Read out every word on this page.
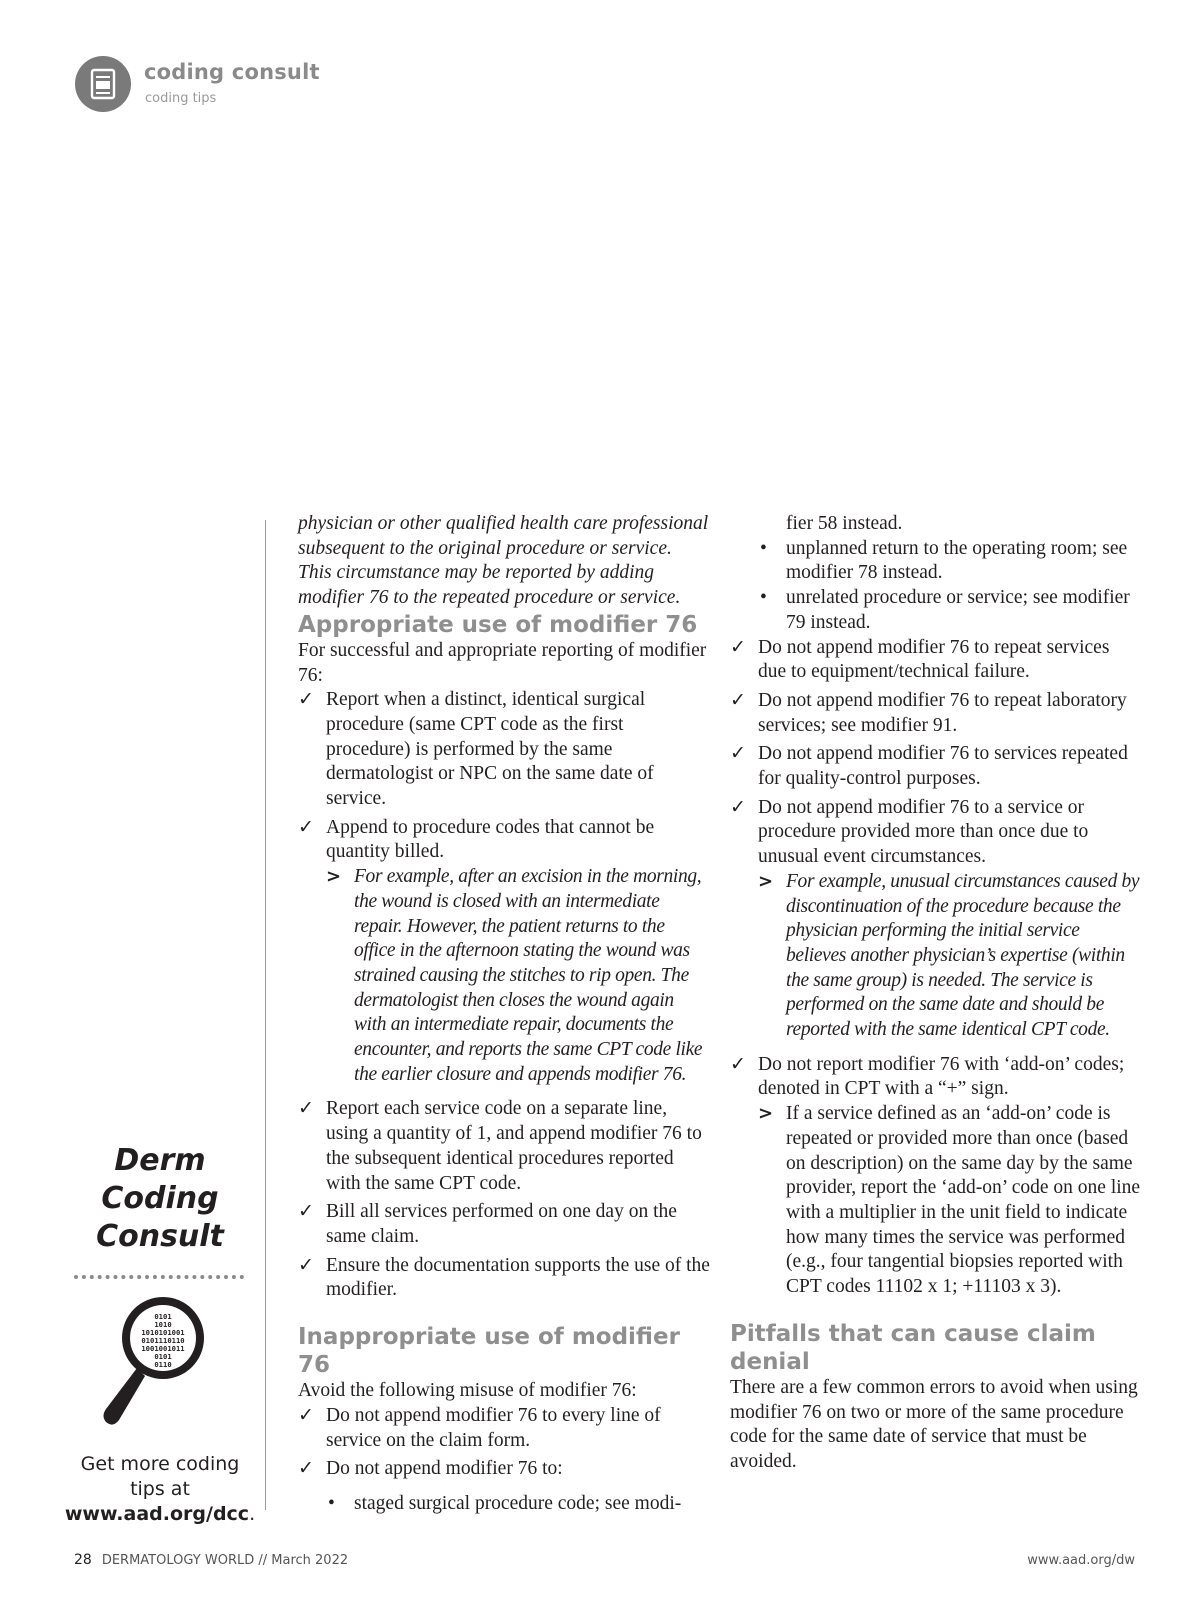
coding consult
coding tips
Derm
Coding
Consult
0101
1010
1010101001
0101110110
1001001011
0101
0110
Get more coding tips at www.aad.org/dcc.

physician or other qualified health care professional subsequent to the original procedure or service. This circumstance may be reported by adding modifier 76 to the repeated procedure or service.

Appropriate use of modifier 76

For successful and appropriate reporting of modifier 76:

✓ Report when a distinct, identical surgical procedure (same CPT code as the first procedure) is performed by the same dermatologist or NPC on the same date of service.

✓ Append to procedure codes that cannot be quantity billed.

> For example, after an excision in the morning, the wound is closed with an intermediate repair. However, the patient returns to the office in the afternoon stating the wound was strained causing the stitches to rip open. The dermatologist then closes the wound again with an intermediate repair, documents the encounter, and reports the same CPT code like the earlier closure and appends modifier 76.

✓ Report each service code on a separate line, using a quantity of 1, and append modifier 76 to the subsequent identical procedures reported with the same CPT code.

✓ Bill all services performed on one day on the same claim.

✓ Ensure the documentation supports the use of the modifier.

Inappropriate use of modifier 76

Avoid the following misuse of modifier 76:

✓ Do not append modifier 76 to every line of service on the claim form.

✓ Do not append modifier 76 to:

• staged surgical procedure code; see modi-

fier 58 instead.

• unplanned return to the operating room; see modifier 78 instead.

• unrelated procedure or service; see modifier 79 instead.

✓ Do not append modifier 76 to repeat services due to equipment/technical failure.

✓ Do not append modifier 76 to repeat laboratory services; see modifier 91.

✓ Do not append modifier 76 to services repeated for quality-control purposes.

✓ Do not append modifier 76 to a service or procedure provided more than once due to unusual event circumstances.

> For example, unusual circumstances caused by discontinuation of the procedure because the physician performing the initial service believes another physician’s expertise (within the same group) is needed. The service is performed on the same date and should be reported with the same identical CPT code.

✓ Do not report modifier 76 with ‘add-on’ codes; denoted in CPT with a “+” sign.

> If a service defined as an ‘add-on’ code is repeated or provided more than once (based on description) on the same day by the same provider, report the ‘add-on’ code on one line with a multiplier in the unit field to indicate how many times the service was performed (e.g., four tangential biopsies reported with CPT codes 11102 x 1; +11103 x 3).

Pitfalls that can cause claim denial

There are a few common errors to avoid when using modifier 76 on two or more of the same procedure code for the same date of service that must be avoided.

28 DERMATOLOGY WORLD // March 2022	www.aad.org/dw
